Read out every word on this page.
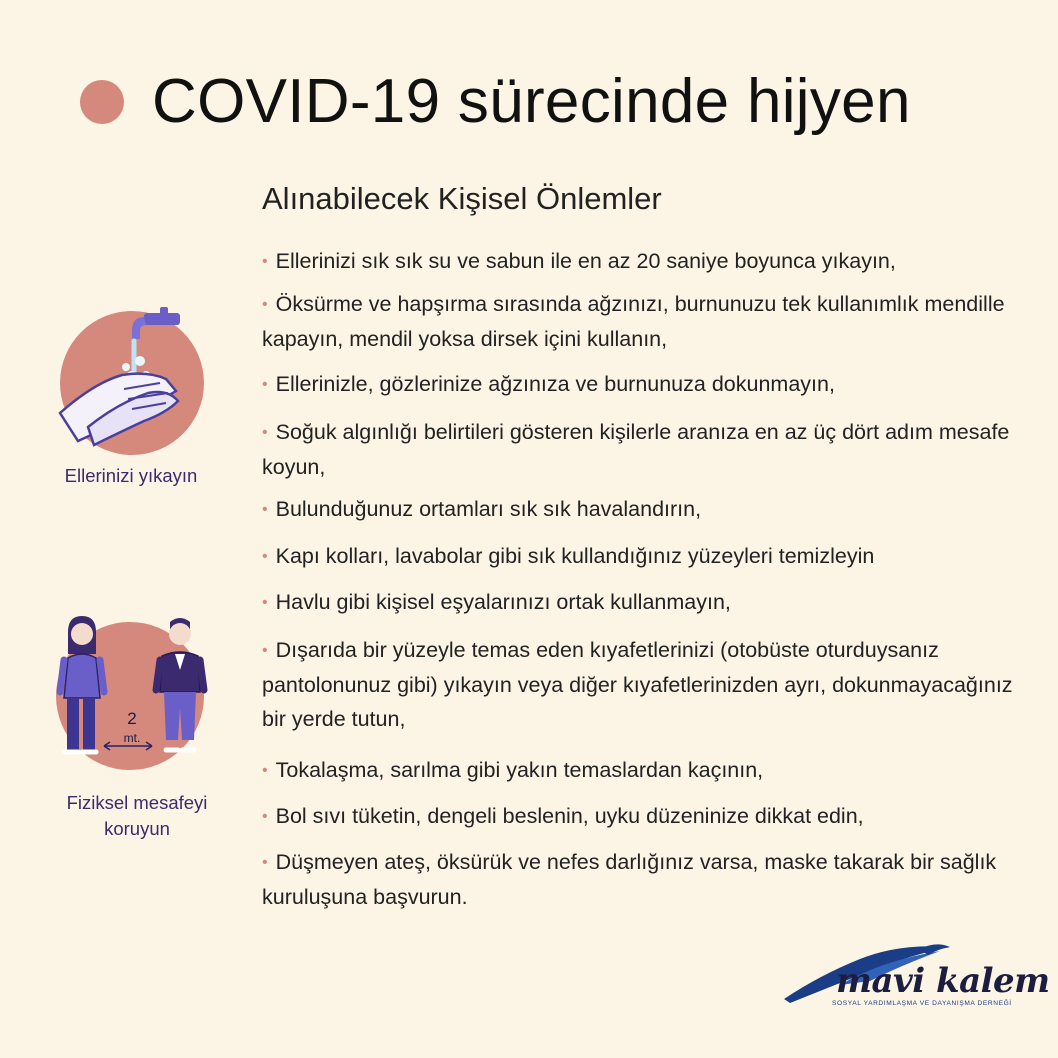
COVID-19 sürecinde hijyen
Alınabilecek Kişisel Önlemler
• Ellerinizi sık sık su ve sabun ile en az 20 saniye boyunca yıkayın,
• Öksürme ve hapşırma sırasında ağzınızı, burnunuzu tek kullanımlık mendille kapayın, mendil yoksa dirsek içini kullanın,
• Ellerinizle, gözlerinize ağzınıza ve burnunuza dokunmayın,
• Soğuk algınlığı belirtileri gösteren kişilerle aranıza en az üç dört adım mesafe koyun,
• Bulunduğunuz ortamları sık sık havalandırın,
• Kapı kolları, lavabolar gibi sık kullandığınız yüzeyleri temizleyin
• Havlu gibi kişisel eşyalarınızı ortak kullanmayın,
• Dışarıda bir yüzeyle temas eden kıyafetlerinizi (otobüste oturduysanız pantolonunuz gibi) yıkayın veya diğer kıyafetlerinizden ayrı, dokunmayacağınız bir yerde tutun,
• Tokalaşma, sarılma gibi yakın temaslardan kaçının,
• Bol sıvı tüketin, dengeli beslenin, uyku düzeninize dikkat edin,
• Düşmeyen ateş, öksürük ve nefes darlığınız varsa, maske takarak bir sağlık kuruluşuna başvurun.
Ellerinizi yıkayın
2
mt.
Fiziksel mesafeyi
koruyun
mavi kalem
SOSYAL YARDIMLAŞMA VE DAYANIŞMA DERNEĞİ
